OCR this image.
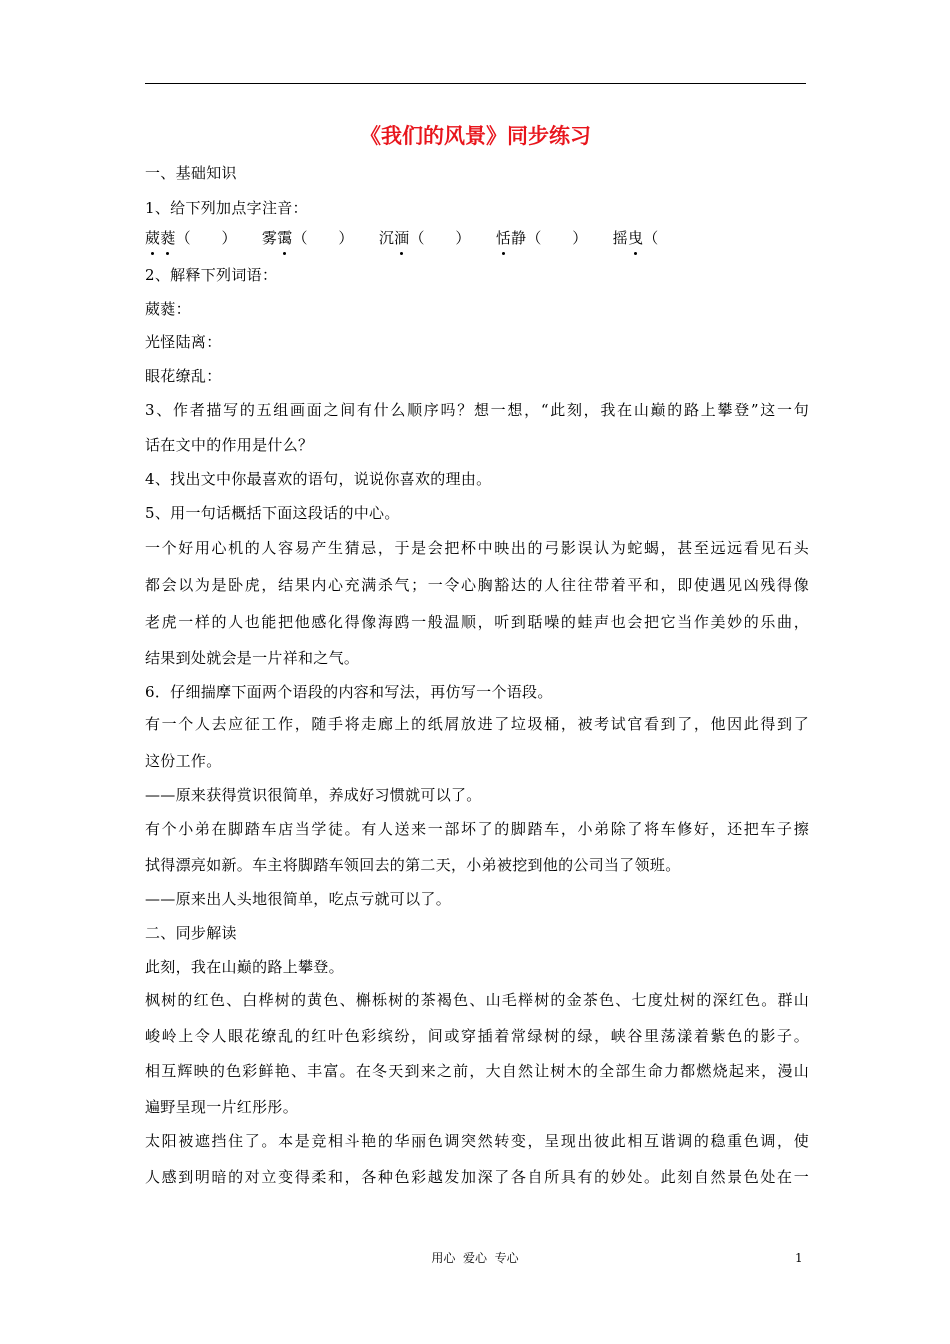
《我们的风景》同步练习
一、基础知识
1、给下列加点字注音：
葳蕤（　　） 雾霭（　　） 沉湎（　　） 恬静（　　） 摇曳（
2、解释下列词语：
葳蕤：
光怪陆离：
眼花缭乱：
3、作者描写的五组画面之间有什么顺序吗？想一想，“此刻，我在山巅的路上攀登”这一句
话在文中的作用是什么？
4、找出文中你最喜欢的语句，说说你喜欢的理由。
5、用一句话概括下面这段话的中心。
一个好用心机的人容易产生猜忌，于是会把杯中映出的弓影误认为蛇蝎，甚至远远看见石头
都会以为是卧虎，结果内心充满杀气；一令心胸豁达的人往往带着平和，即使遇见凶残得像
老虎一样的人也能把他感化得像海鸥一般温顺，听到聒噪的蛙声也会把它当作美妙的乐曲，
结果到处就会是一片祥和之气。
6．仔细揣摩下面两个语段的内容和写法，再仿写一个语段。
有一个人去应征工作，随手将走廊上的纸屑放进了垃圾桶，被考试官看到了，他因此得到了
这份工作。
——原来获得赏识很简单，养成好习惯就可以了。
有个小弟在脚踏车店当学徒。有人送来一部坏了的脚踏车，小弟除了将车修好，还把车子擦
拭得漂亮如新。车主将脚踏车领回去的第二天，小弟被挖到他的公司当了领班。
——原来出人头地很简单，吃点亏就可以了。
二、同步解读
此刻，我在山巅的路上攀登。
枫树的红色、白桦树的黄色、槲栎树的茶褐色、山毛榉树的金茶色、七度灶树的深红色。群山
峻岭上令人眼花缭乱的红叶色彩缤纷，间或穿插着常绿树的绿，峡谷里荡漾着紫色的影子。
相互辉映的色彩鲜艳、丰富。在冬天到来之前，大自然让树木的全部生命力都燃烧起来，漫山
遍野呈现一片红彤彤。
太阳被遮挡住了。本是竞相斗艳的华丽色调突然转变，呈现出彼此相互谐调的稳重色调，使
人感到明暗的对立变得柔和，各种色彩越发加深了各自所具有的妙处。此刻自然景色处在一
用心  爱心  专心	1
